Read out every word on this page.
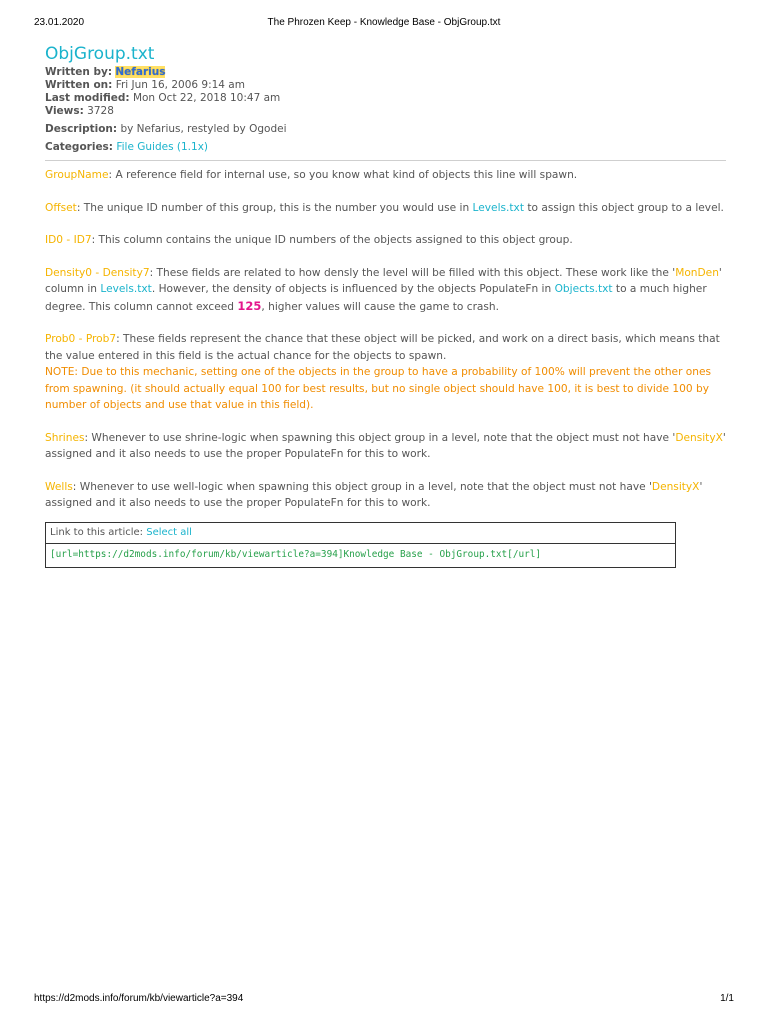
23.01.2020	The Phrozen Keep - Knowledge Base - ObjGroup.txt
ObjGroup.txt
Written by: Nefarius
Written on: Fri Jun 16, 2006 9:14 am
Last modified: Mon Oct 22, 2018 10:47 am
Views: 3728
Description: by Nefarius, restyled by Ogodei
Categories: File Guides (1.1x)

GroupName: A reference field for internal use, so you know what kind of objects this line will spawn.

Offset: The unique ID number of this group, this is the number you would use in Levels.txt to assign this object group to a level.

ID0 - ID7: This column contains the unique ID numbers of the objects assigned to this object group.

Density0 - Density7: These fields are related to how densly the level will be filled with this object. These work like the 'MonDen' column in Levels.txt. However, the density of objects is influenced by the objects PopulateFn in Objects.txt to a much higher degree. This column cannot exceed 125, higher values will cause the game to crash.

Prob0 - Prob7: These fields represent the chance that these object will be picked, and work on a direct basis, which means that the value entered in this field is the actual chance for the objects to spawn.
NOTE: Due to this mechanic, setting one of the objects in the group to have a probability of 100% will prevent the other ones from spawning. (it should actually equal 100 for best results, but no single object should have 100, it is best to divide 100 by number of objects and use that value in this field).

Shrines: Whenever to use shrine-logic when spawning this object group in a level, note that the object must not have 'DensityX' assigned and it also needs to use the proper PopulateFn for this to work.

Wells: Whenever to use well-logic when spawning this object group in a level, note that the object must not have 'DensityX' assigned and it also needs to use the proper PopulateFn for this to work.

Link to this article: Select all
[url=https://d2mods.info/forum/kb/viewarticle?a=394]Knowledge Base - ObjGroup.txt[/url]
https://d2mods.info/forum/kb/viewarticle?a=394	1/1
